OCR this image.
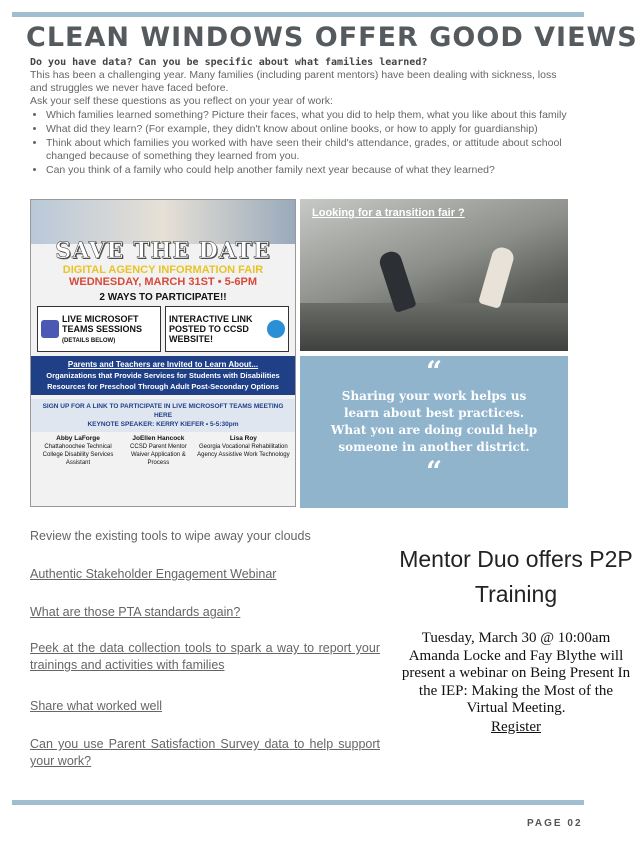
CLEAN WINDOWS OFFER GOOD VIEWS
Do you have data? Can you be specific about what families learned?
This has been a challenging year. Many families (including parent mentors) have been dealing with sickness, loss and struggles we never have faced before.
Ask your self these questions as you reflect on your year of work:
• Which families learned something? Picture their faces, what you did to help them, what you like about this family
• What did they learn? (For example, they didn't know about online books, or how to apply for guardianship)
• Think about which families you worked with have seen their child's attendance, grades, or attitude about school changed because of something they learned from you.
• Can you think of a family who could help another family next year because of what they learned?
SAVE THE DATE
DIGITAL AGENCY INFORMATION FAIR
WEDNESDAY, MARCH 31ST • 5-6PM
2 WAYS TO PARTICIPATE!!
LIVE MICROSOFT TEAMS SESSIONS
(DETAILS BELOW)
INTERACTIVE LINK POSTED TO CCSD WEBSITE!
Parents and Teachers are Invited to Learn About...
Organizations that Provide Services for Students with Disabilities
Resources for Preschool Through Adult Post-Secondary Options
SIGN UP FOR A LINK TO PARTICIPATE IN LIVE MICROSOFT TEAMS MEETING HERE
KEYNOTE SPEAKER: KERRY KIEFER • 5-5:30pm
Abby LaForge
Chattahoochee Technical College Disability Services Assistant
JoEllen Hancock
CCSD Parent Mentor Waiver Application & Process
Lisa Roy
Georgia Vocational Rehabilitation Agency Assistive Work Technology
Looking for a transition fair ?
“
Sharing your work helps us learn about best practices. What you are doing could help someone in another district.
“
Review the existing tools to wipe away your clouds
Authentic Stakeholder Engagement Webinar
What are those PTA standards again?
Peek at the data collection tools to spark a way to report your trainings and activities with families
Share what worked well
Can you use Parent Satisfaction Survey data to help support your work?
Mentor Duo offers P2P Training
Tuesday, March 30 @ 10:00am Amanda Locke and Fay Blythe will present a webinar on Being Present In the IEP: Making the Most of the Virtual Meeting.
Register
PAGE 02
